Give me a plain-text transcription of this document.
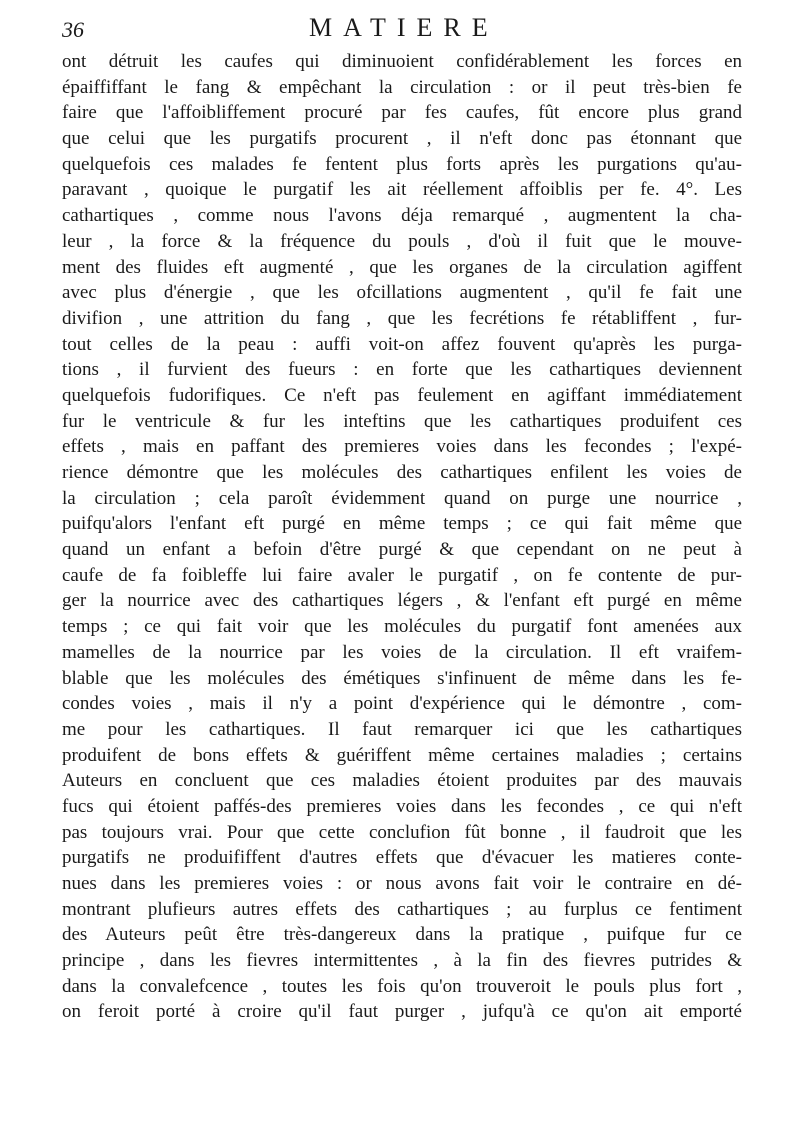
36	MATIERE
ont détruit les caufes qui diminuoient confidérablement les forces en
épaiffiffant le fang & empêchant la circulation : or il peut très-bien fe
faire que l'affoibliffement procuré par fes caufes, fût encore plus grand
que celui que les purgatifs procurent , il n'eft donc pas étonnant que
quelquefois ces malades fe fentent plus forts après les purgations qu'au-
paravant , quoique le purgatif les ait réellement affoiblis per fe. 4°. Les
cathartiques , comme nous l'avons déja remarqué , augmentent la cha-
leur , la force & la fréquence du pouls , d'où il fuit que le mouve-
ment des fluides eft augmenté , que les organes de la circulation agiffent
avec plus d'énergie , que les ofcillations augmentent , qu'il fe fait une
divifion , une attrition du fang , que les fecrétions fe rétabliffent , fur-
tout celles de la peau : auffi voit-on affez fouvent qu'après les purga-
tions , il furvient des fueurs : en forte que les cathartiques deviennent
quelquefois fudorifiques. Ce n'eft pas feulement en agiffant immédiatement
fur le ventricule & fur les inteftins que les cathartiques produifent ces
effets , mais en paffant des premieres voies dans les fecondes ; l'expé-
rience démontre que les molécules des cathartiques enfilent les voies de
la circulation ; cela paroît évidemment quand on purge une nourrice ,
puifqu'alors l'enfant eft purgé en même temps ; ce qui fait même que
quand un enfant a befoin d'être purgé & que cependant on ne peut à
caufe de fa foibleffe lui faire avaler le purgatif , on fe contente de pur-
ger la nourrice avec des cathartiques légers , & l'enfant eft purgé en même
temps ; ce qui fait voir que les molécules du purgatif font amenées aux
mamelles de la nourrice par les voies de la circulation. Il eft vraifem-
blable que les molécules des émétiques s'infinuent de même dans les fe-
condes voies , mais il n'y a point d'expérience qui le démontre , com-
me pour les cathartiques. Il faut remarquer ici que les cathartiques
produifent de bons effets & guériffent même certaines maladies ; certains
Auteurs en concluent que ces maladies étoient produites par des mauvais
fucs qui étoient paffés-des premieres voies dans les fecondes , ce qui n'eft
pas toujours vrai. Pour que cette conclufion fût bonne , il faudroit que les
purgatifs ne produififfent d'autres effets que d'évacuer les matieres conte-
nues dans les premieres voies : or nous avons fait voir le contraire en dé-
montrant plufieurs autres effets des cathartiques ; au furplus ce fentiment
des Auteurs peût être très-dangereux dans la pratique , puifque fur ce
principe , dans les fievres intermittentes , à la fin des fievres putrides &
dans la convalefcence , toutes les fois qu'on trouveroit le pouls plus fort ,
on feroit porté à croire qu'il faut purger , jufqu'à ce qu'on ait emporté
